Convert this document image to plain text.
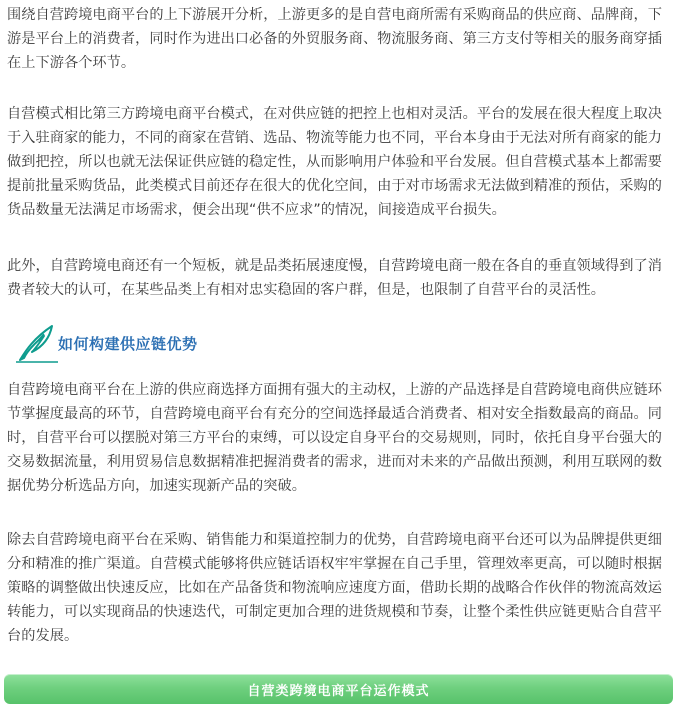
围绕自营跨境电商平台的上下游展开分析，上游更多的是自营电商所需有采购商品的供应商、品牌商，下游是平台上的消费者，同时作为进出口必备的外贸服务商、物流服务商、第三方支付等相关的服务商穿插在上下游各个环节。

自营模式相比第三方跨境电商平台模式，在对供应链的把控上也相对灵活。平台的发展在很大程度上取决于入驻商家的能力，不同的商家在营销、选品、物流等能力也不同，平台本身由于无法对所有商家的能力做到把控，所以也就无法保证供应链的稳定性，从而影响用户体验和平台发展。但自营模式基本上都需要提前批量采购货品，此类模式目前还存在很大的优化空间，由于对市场需求无法做到精准的预估，采购的货品数量无法满足市场需求，便会出现“供不应求”的情况，间接造成平台损失。

此外，自营跨境电商还有一个短板，就是品类拓展速度慢，自营跨境电商一般在各自的垂直领域得到了消费者较大的认可，在某些品类上有相对忠实稳固的客户群，但是，也限制了自营平台的灵活性。

如何构建供应链优势

自营跨境电商平台在上游的供应商选择方面拥有强大的主动权，上游的产品选择是自营跨境电商供应链环节掌握度最高的环节，自营跨境电商平台有充分的空间选择最适合消费者、相对安全指数最高的商品。同时，自营平台可以摆脱对第三方平台的束缚，可以设定自身平台的交易规则，同时，依托自身平台强大的交易数据流量，利用贸易信息数据精准把握消费者的需求，进而对未来的产品做出预测，利用互联网的数据优势分析选品方向，加速实现新产品的突破。

除去自营跨境电商平台在采购、销售能力和渠道控制力的优势，自营跨境电商平台还可以为品牌提供更细分和精准的推广渠道。自营模式能够将供应链话语权牢牢掌握在自己手里，管理效率更高，可以随时根据策略的调整做出快速反应，比如在产品备货和物流响应速度方面，借助长期的战略合作伙伴的物流高效运转能力，可以实现商品的快速迭代，可制定更加合理的进货规模和节奏，让整个柔性供应链更贴合自营平台的发展。

自营类跨境电商平台运作模式
